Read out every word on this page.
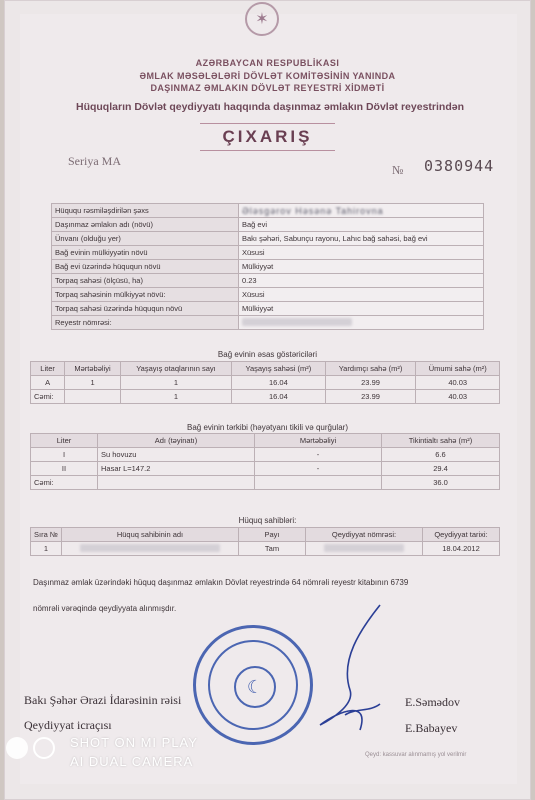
✶
AZƏRBAYCAN RESPUBLİKASI
ƏMLAK MƏSƏLƏLƏRİ DÖVLƏT KOMİTƏSİNİN YANINDA
DAŞINMAZ ƏMLAKIN DÖVLƏT REYESTRİ XİDMƏTİ
Hüquqların Dövlət qeydiyyatı haqqında daşınmaz əmlakın Dövlət reyestrindən
ÇIXARIŞ
Seriya MA
№ 0380944
Hüququ rəsmiləşdirilən şəxs	Ələsgərov Həsənə Tahirovna
Daşınmaz əmlakın adı (növü)	Bağ evi
Ünvanı (olduğu yer)	Bakı şəhəri, Sabunçu rayonu, Lahıc bağ sahəsi, bağ evi
Bağ evinin mülkiyyətin növü	Xüsusi
Bağ evi üzərində hüququn növü	Mülkiyyət
Torpaq sahəsi (ölçüsü, ha)	0.23
Torpaq sahəsinin mülkiyyət növü:	Xüsusi
Torpaq sahəsi üzərində hüququn növü	Mülkiyyət
Reyestr nömrəsi:	
Bağ evinin əsas göstəriciləri
Liter	Mərtəbəliyi	Yaşayış otaqlarının sayı	Yaşayış sahəsi (m²)	Yardımçı sahə (m²)	Ümumi sahə (m²)
A	1	1	16.04	23.99	40.03
Cəmi:		1	16.04	23.99	40.03
Bağ evinin tərkibi (həyətyanı tikili və qurğular)
Liter	Adı (təyinatı)	Mərtəbəliyi	Tikintialtı sahə (m²)
I	Su hovuzu	-	6.6
II	Hasar L=147.2	-	29.4
Cəmi:			36.0
Hüquq sahibləri:
Sıra №	Hüquq sahibinin adı	Payı	Qeydiyyat nömrəsi:	Qeydiyyat tarixi:
1		Tam		18.04.2012
Daşınmaz əmlak üzərindəki hüquq daşınmaz əmlakın Dövlət reyestrində 64 nömrəli reyestr kitabının 6739
nömrəli vərəqində qeydiyyata alınmışdır.
☾
Bakı Şəhər Ərazi İdarəsinin rəisi	E.Səmədov
Qeydiyyat icraçısı	E.Babayev
Qeyd: kassuvar alınmamış yol verilmir
SHOT ON MI PLAY
AI DUAL CAMERA
